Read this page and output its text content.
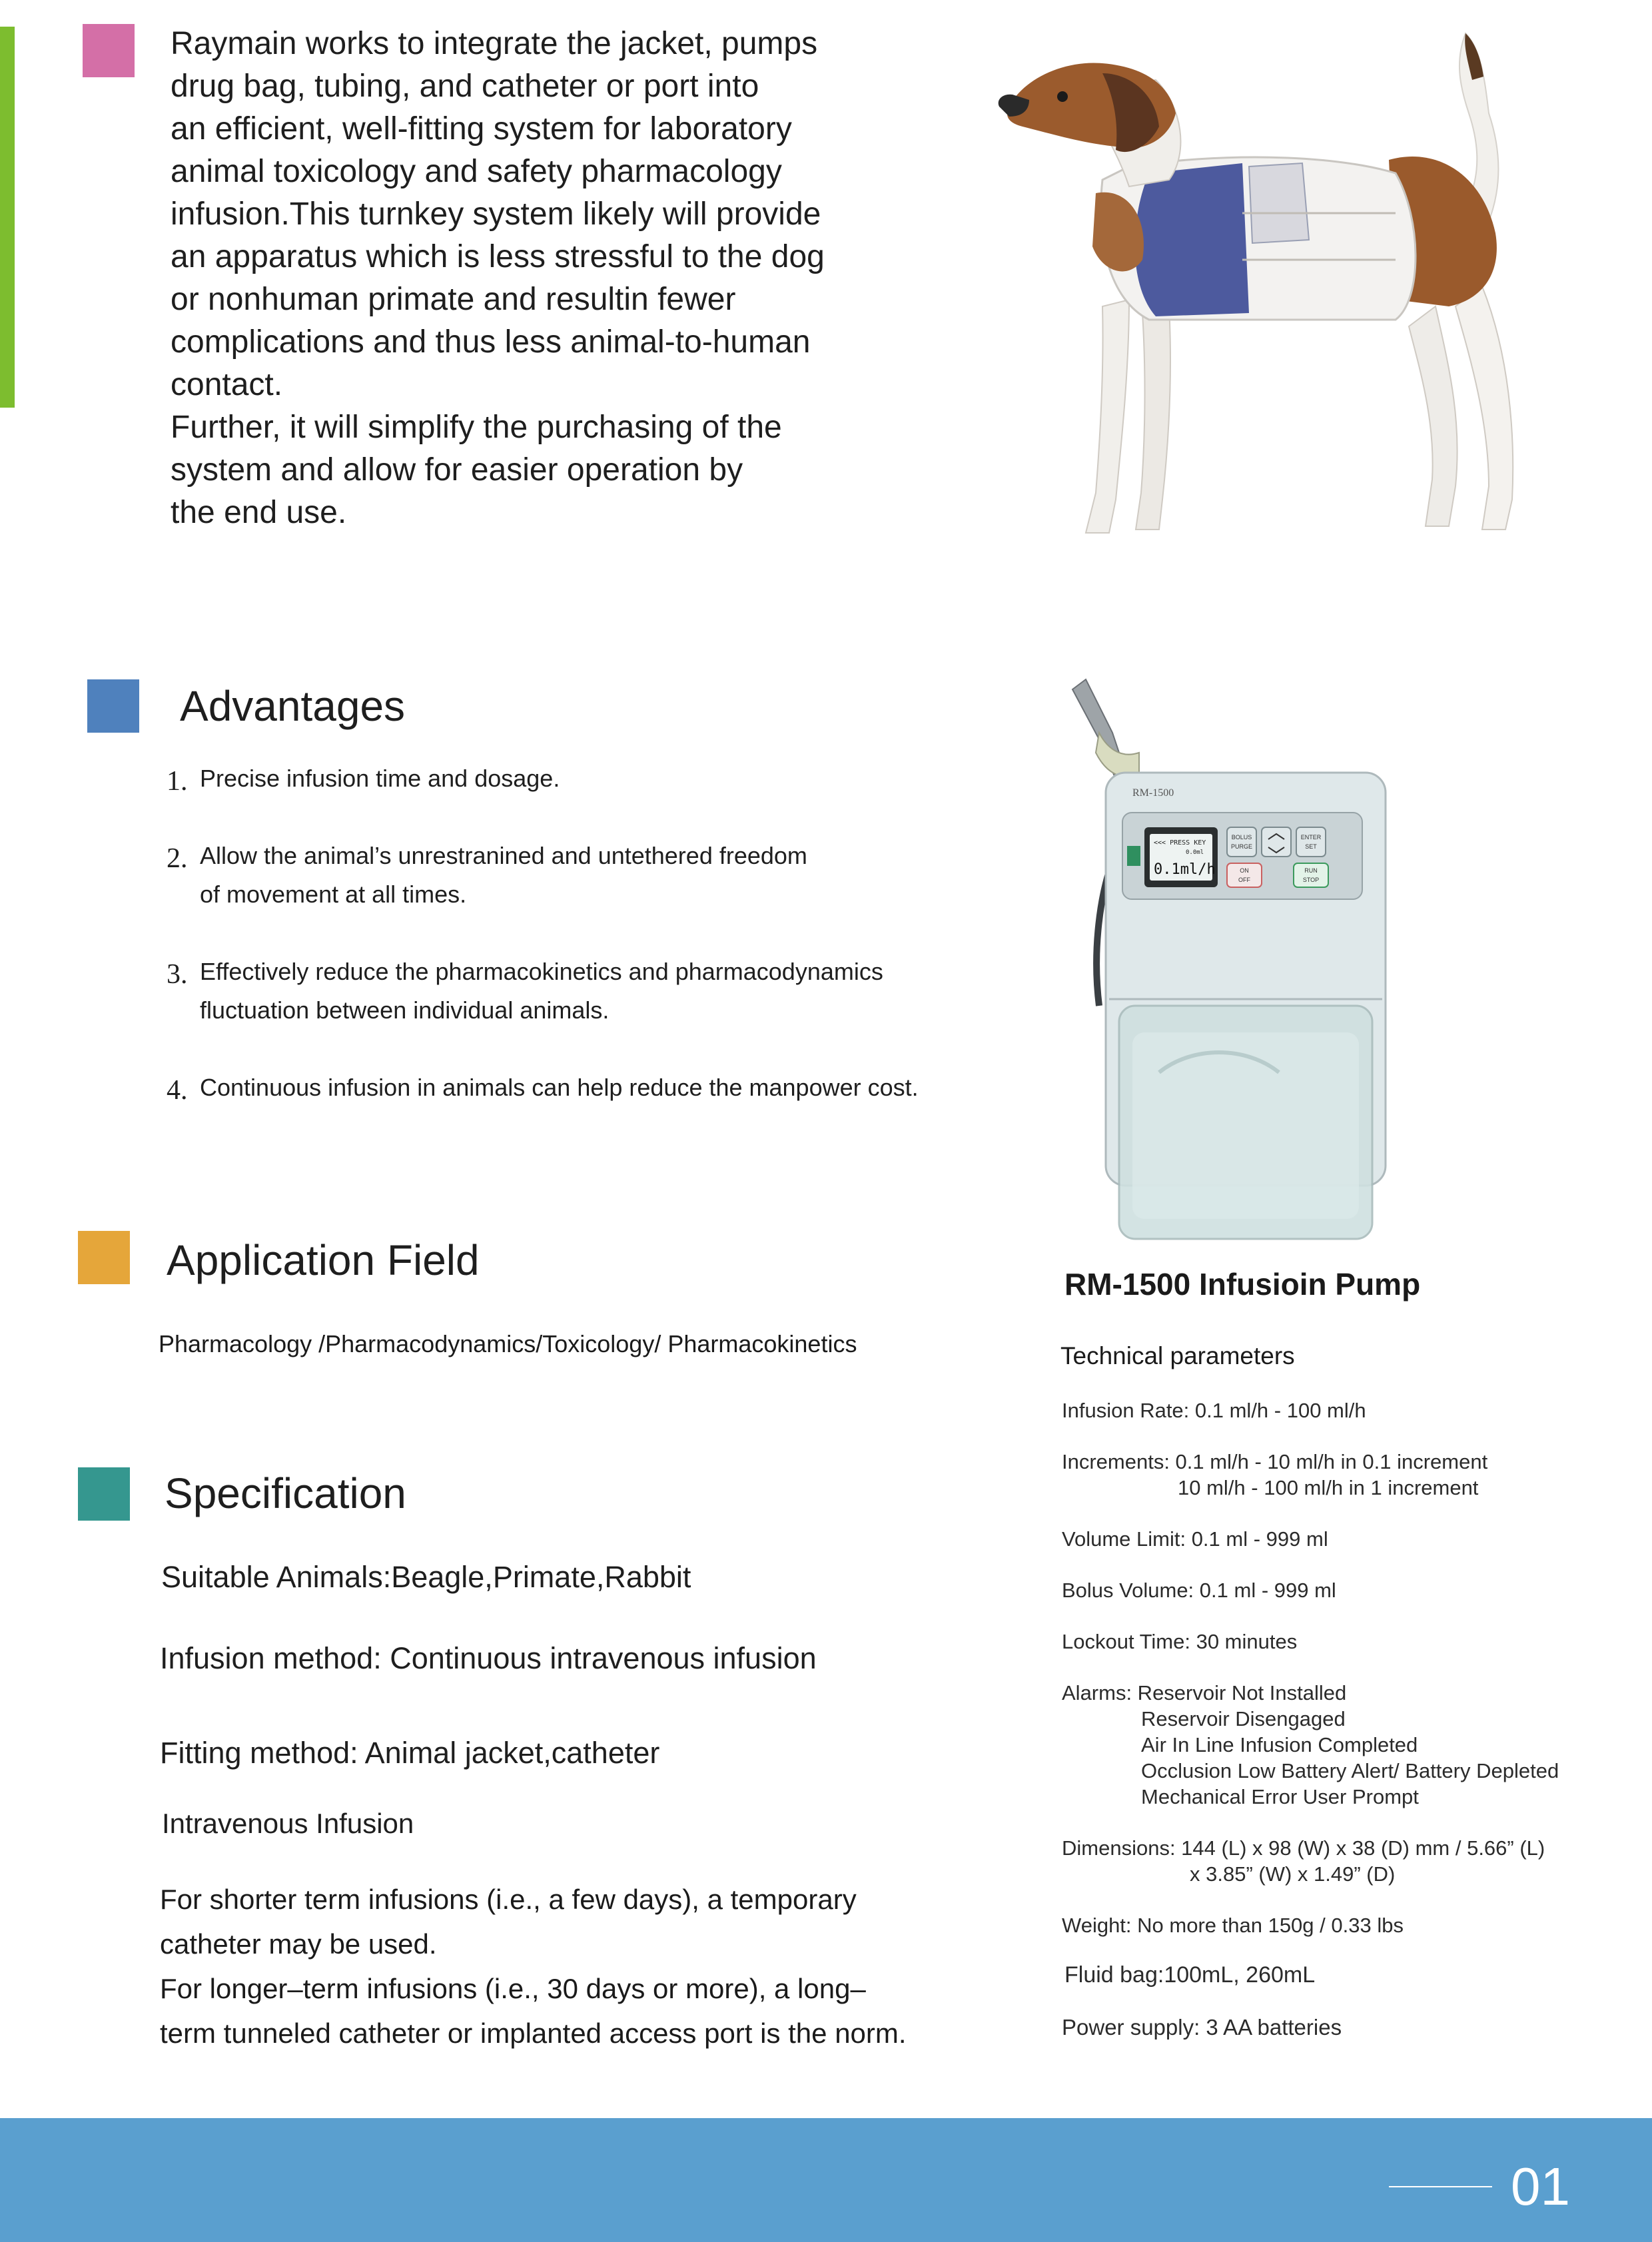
Raymain works to integrate the jacket, pumps

drug bag, tubing, and catheter or port into

an efficient, well-fitting system for laboratory

animal toxicology and safety pharmacology

infusion.This turnkey system likely will provide

an apparatus which is less stressful to the dog

or nonhuman primate and resultin fewer

complications and thus less animal-to-human

contact.

Further, it will simplify the purchasing of the

system and allow for easier operation by

the end use.

Advantages
1. Precise infusion time and dosage.
2. Allow the animal’s unrestranined and untethered freedom
of movement at all times.
3. Effectively reduce the pharmacokinetics and pharmacodynamics
fluctuation between individual animals.
4. Continuous infusion in animals can help reduce the manpower cost.
Application Field
Pharmacology /Pharmacodynamics/Toxicology/ Pharmacokinetics
Specification
Suitable Animals:Beagle,Primate,Rabbit
Infusion method: Continuous intravenous infusion
Fitting method: Animal jacket,catheter
Intravenous Infusion

For shorter term infusions (i.e., a few days), a temporary

catheter may be used.

For longer–term infusions (i.e., 30 days or more), a long–

term tunneled catheter or implanted access port is the norm.

RM-1500
<<< PRESS KEY
0.0ml
0.1ml/h
BOLUS
PURGE
ENTER
SET
ON
OFF
RUN
STOP
RM-1500 Infusioin Pump
Technical parameters
Infusion Rate: 0.1 ml/h - 100 ml/h
Increments: 0.1 ml/h - 10 ml/h in 0.1 increment
10 ml/h - 100 ml/h in 1 increment
Volume Limit: 0.1 ml - 999 ml
Bolus Volume: 0.1 ml - 999 ml
Lockout Time: 30 minutes
Alarms: Reservoir Not Installed
Reservoir Disengaged
Air In Line Infusion Completed
Occlusion Low Battery Alert/ Battery Depleted
Mechanical Error User Prompt
Dimensions: 144 (L) x 98 (W) x 38 (D) mm / 5.66” (L)
x 3.85” (W) x 1.49” (D)
Weight: No more than 150g / 0.33 lbs
Fluid bag:100mL, 260mL
Power supply: 3 AA batteries
01
